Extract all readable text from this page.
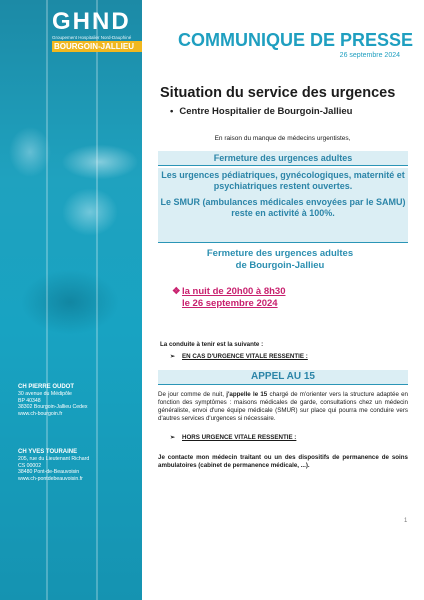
GHND
Groupement Hospitalier Nord-Dauphiné
BOURGOIN-JALLIEU
CH PIERRE OUDOT
30 avenue du Médipôle
BP 40348
38302 Bourgoin-Jallieu Cedex
www.ch-bourgoin.fr
CH YVES TOURAINE
205, rue du Lieutenant Richard
CS 00002
38480 Pont-de-Beauvoisin
www.ch-pontdebeauvoisin.fr
COMMUNIQUE DE PRESSE
26 septembre 2024
Situation du service des urgences
• Centre Hospitalier de Bourgoin-Jallieu
En raison du manque de médecins urgentistes,
Fermeture des urgences adultes
Les urgences pédiatriques, gynécologiques, maternité et psychiatriques restent ouvertes.
Le SMUR (ambulances médicales envoyées par le SAMU) reste en activité à 100%.
Fermeture des urgences adultes
de Bourgoin-Jallieu
❖la nuit de 20h00 à 8h30
le 26 septembre 2024
La conduite à tenir est la suivante :
➢ EN CAS D'URGENCE VITALE RESSENTIE :
APPEL AU 15
De jour comme de nuit, j'appelle le 15 chargé de m'orienter vers la structure adaptée en fonction des symptômes : maisons médicales de garde, consultations chez un médecin généraliste, envoi d'une équipe médicale (SMUR) sur place qui pourra me conduire vers d'autres services d'urgences si nécessaire.
➢ HORS URGENCE VITALE RESSENTIE :
Je contacte mon médecin traitant ou un des dispositifs de permanence de soins ambulatoires (cabinet de permanence médicale, ...).
1
